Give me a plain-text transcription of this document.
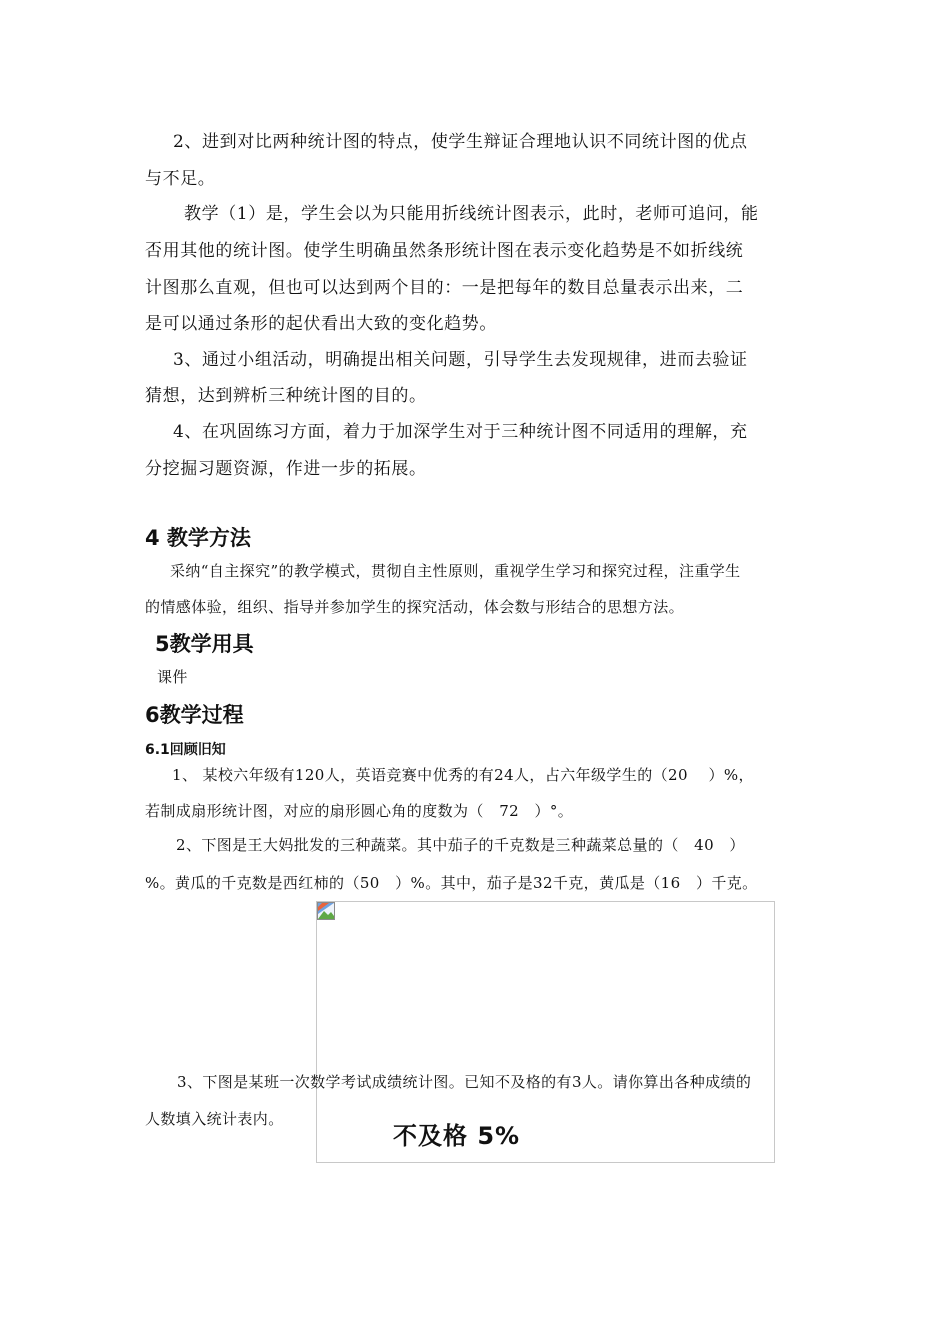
2、进到对比两种统计图的特点，使学生辩证合理地认识不同统计图的优点
与不足。
教学（1）是，学生会以为只能用折线统计图表示，此时，老师可追问，能
否用其他的统计图。使学生明确虽然条形统计图在表示变化趋势是不如折线统
计图那么直观，但也可以达到两个目的：一是把每年的数目总量表示出来，二
是可以通过条形的起伏看出大致的变化趋势。
3、通过小组活动，明确提出相关问题，引导学生去发现规律，进而去验证
猜想，达到辨析三种统计图的目的。
4、在巩固练习方面，着力于加深学生对于三种统计图不同适用的理解，充
分挖掘习题资源，作进一步的拓展。
4 教学方法
采纳“自主探究”的教学模式，贯彻自主性原则，重视学生学习和探究过程，注重学生
的情感体验，组织、指导并参加学生的探究活动，体会数与形结合的思想方法。
5教学用具
课件
6教学过程
6.1回顾旧知
1、 某校六年级有120人，英语竞赛中优秀的有24人，占六年级学生的（20　 ）%，
若制成扇形统计图，对应的扇形圆心角的度数为（　72　）°。
2、下图是王大妈批发的三种蔬菜。其中茄子的千克数是三种蔬菜总量的（　40　）
%。黄瓜的千克数是西红柿的（50　）%。其中，茄子是32千克，黄瓜是（16　）千克。
3、下图是某班一次数学考试成绩统计图。已知不及格的有3人。请你算出各种成绩的
人数填入统计表内。
不及格 5%
